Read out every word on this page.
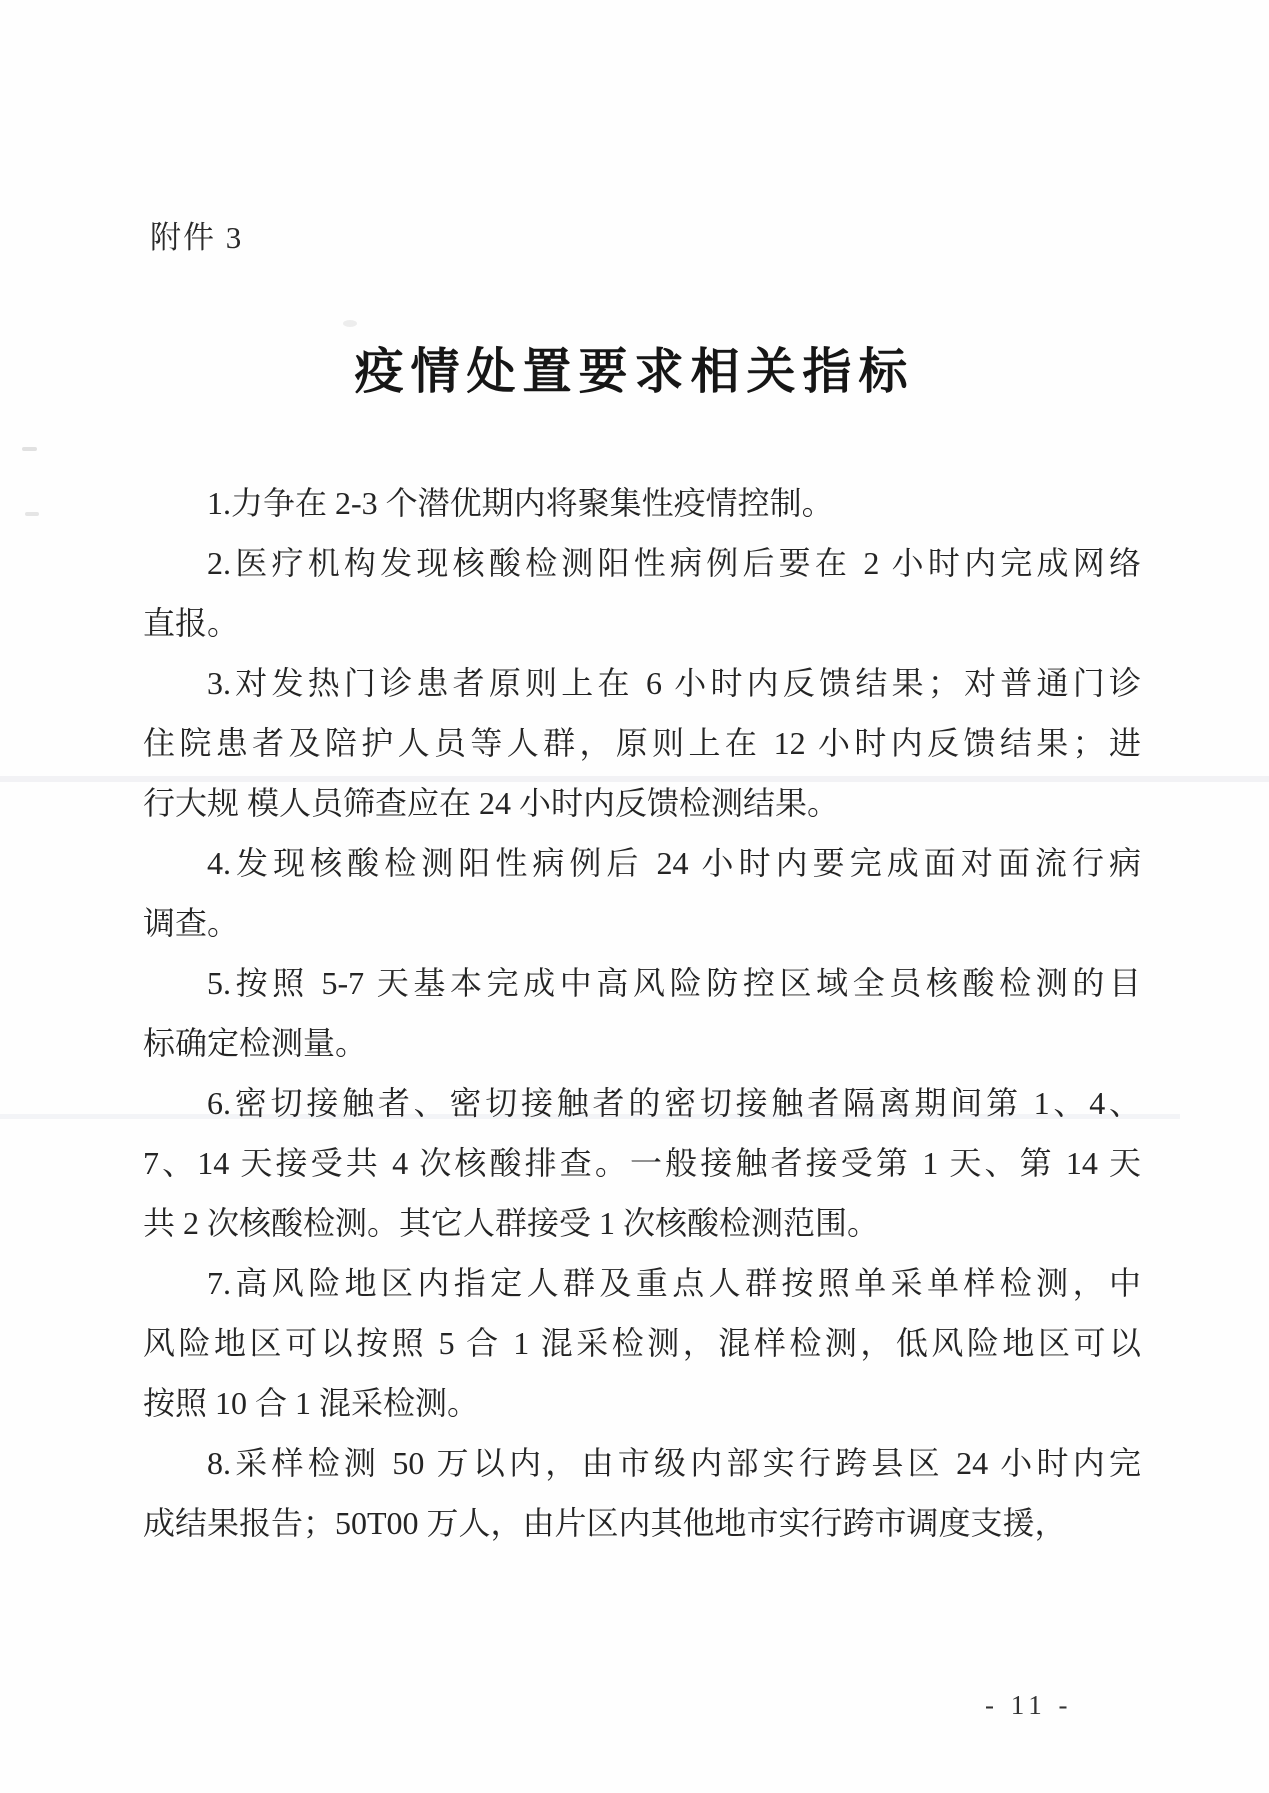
附件 3
疫情处置要求相关指标

1.力争在 2-3 个潜优期内将聚集性疫情控制。

2.医疗机构发现核酸检测阳性病例后要在 2 小时内完成网络
直报。

3.对发热门诊患者原则上在 6 小时内反馈结果；对普通门诊
住院患者及陪护人员等人群，原则上在 12 小时内反馈结果；进
行大规 模人员筛查应在 24 小时内反馈检测结果。

4.发现核酸检测阳性病例后 24 小时内要完成面对面流行病
调查。

5.按照 5-7 天基本完成中高风险防控区域全员核酸检测的目
标确定检测量。

6.密切接触者、密切接触者的密切接触者隔离期间第 1、4、
7、14 天接受共 4 次核酸排查。一般接触者接受第 1 天、第 14 天
共 2 次核酸检测。其它人群接受 1 次核酸检测范围。

7.高风险地区内指定人群及重点人群按照单采单样检测，中
风险地区可以按照 5 合 1 混采检测，混样检测，低风险地区可以
按照 10 合 1 混采检测。

8.采样检测 50 万以内，由市级内部实行跨县区 24 小时内完
成结果报告；50T00 万人，由片区内其他地市实行跨市调度支援，

- 11 -
